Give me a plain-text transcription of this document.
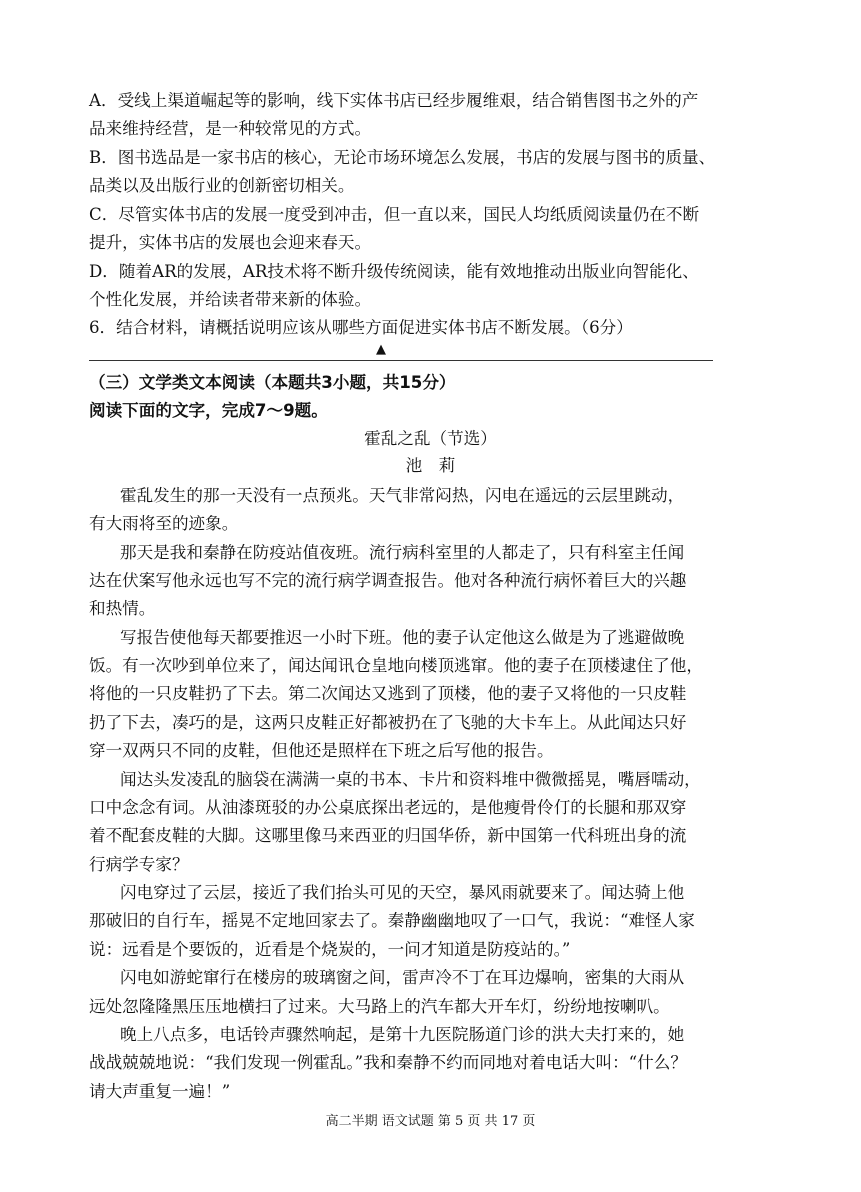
A．受线上渠道崛起等的影响，线下实体书店已经步履维艰，结合销售图书之外的产
品来维持经营，是一种较常见的方式。
B．图书选品是一家书店的核心，无论市场环境怎么发展，书店的发展与图书的质量、
品类以及出版行业的创新密切相关。
C．尽管实体书店的发展一度受到冲击，但一直以来，国民人均纸质阅读量仍在不断
提升，实体书店的发展也会迎来春天。
D．随着AR的发展，AR技术将不断升级传统阅读，能有效地推动出版业向智能化、
个性化发展，并给读者带来新的体验。
6．结合材料，请概括说明应该从哪些方面促进实体书店不断发展。（6分）
▲
（三）文学类文本阅读（本题共3小题，共15分）
阅读下面的文字，完成7～9题。
霍乱之乱（节选）
池　莉
霍乱发生的那一天没有一点预兆。天气非常闷热，闪电在遥远的云层里跳动，
有大雨将至的迹象。
那天是我和秦静在防疫站值夜班。流行病科室里的人都走了，只有科室主任闻
达在伏案写他永远也写不完的流行病学调查报告。他对各种流行病怀着巨大的兴趣
和热情。
写报告使他每天都要推迟一小时下班。他的妻子认定他这么做是为了逃避做晚
饭。有一次吵到单位来了，闻达闻讯仓皇地向楼顶逃窜。他的妻子在顶楼逮住了他，
将他的一只皮鞋扔了下去。第二次闻达又逃到了顶楼，他的妻子又将他的一只皮鞋
扔了下去，凑巧的是，这两只皮鞋正好都被扔在了飞驰的大卡车上。从此闻达只好
穿一双两只不同的皮鞋，但他还是照样在下班之后写他的报告。
闻达头发凌乱的脑袋在满满一桌的书本、卡片和资料堆中微微摇晃，嘴唇嚅动，
口中念念有词。从油漆斑驳的办公桌底探出老远的，是他瘦骨伶仃的长腿和那双穿
着不配套皮鞋的大脚。这哪里像马来西亚的归国华侨，新中国第一代科班出身的流
行病学专家？
闪电穿过了云层，接近了我们抬头可见的天空，暴风雨就要来了。闻达骑上他
那破旧的自行车，摇晃不定地回家去了。秦静幽幽地叹了一口气，我说：“难怪人家
说：远看是个要饭的，近看是个烧炭的，一问才知道是防疫站的。”
闪电如游蛇窜行在楼房的玻璃窗之间，雷声冷不丁在耳边爆响，密集的大雨从
远处忽隆隆黑压压地横扫了过来。大马路上的汽车都大开车灯，纷纷地按喇叭。
晚上八点多，电话铃声骤然响起，是第十九医院肠道门诊的洪大夫打来的，她
战战兢兢地说：“我们发现一例霍乱。”我和秦静不约而同地对着电话大叫：“什么？
请大声重复一遍！”
高二半期 语文试题 第 5 页 共 17 页
